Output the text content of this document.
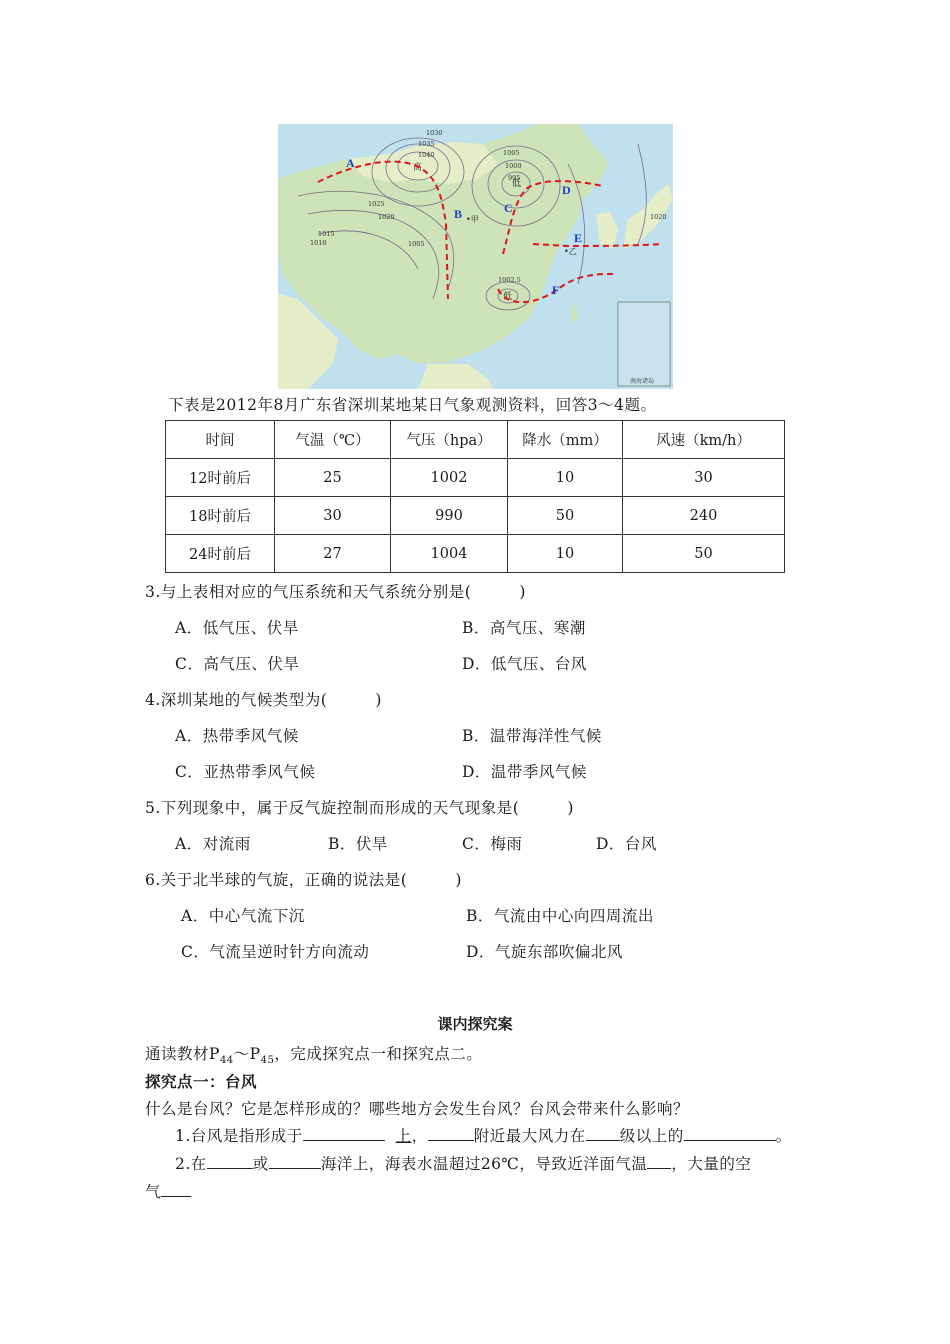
南海诸岛
1030
1035
1040
1025
1020
1015
1010	1005
1005
1000
995
1002.5
1020
高
低
低
•甲
•乙
A
B	C
D
E
F
下表是2012年8月广东省深圳某地某日气象观测资料，回答3～4题。
时间	气温（℃）	气压（hpa）	降水（mm）	风速（km/h）
12时前后	25	1002	10	30
18时前后	30	990	50	240
24时前后	27	1004	10	50
3.与上表相对应的气压系统和天气系统分别是(　　　)
A．低气压、伏旱	B．高气压、寒潮
C．高气压、伏旱	D．低气压、台风
4.深圳某地的气候类型为(　　　)
A．热带季风气候	B．温带海洋性气候
C．亚热带季风气候	D．温带季风气候
5.下列现象中，属于反气旋控制而形成的天气现象是(　　　)
A．对流雨	B．伏旱	C．梅雨	D．台风
6.关于北半球的气旋，正确的说法是(　　　)
A．中心气流下沉	B．气流由中心向四周流出
C．气流呈逆时针方向流动	D．气旋东部吹偏北风
课内探究案
通读教材$P_{44}\sim P_{45}$，完成探究点一和探究点二。
探究点一：台风
什么是台风？它是怎样形成的？哪些地方会发生台风？台风会带来什么影响？
1.台风是指形成于	上，	附近最大风力在 级以上的	。
2.在	或	海洋上，海表水温超过26℃，导致近洋面气温 ，大量的空
气
